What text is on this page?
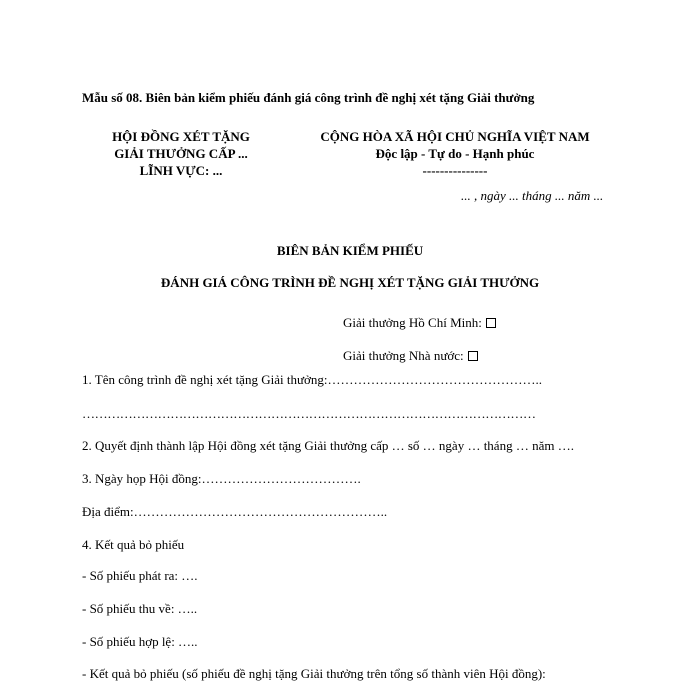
Mẫu số 08. Biên bản kiểm phiếu đánh giá công trình đề nghị xét tặng Giải thưởng
HỘI ĐỒNG XÉT TẶNG
GIẢI THƯỞNG CẤP ...
LĨNH VỰC: ...
CỘNG HÒA XÃ HỘI CHỦ NGHĨA VIỆT NAM
Độc lập - Tự do - Hạnh phúc
---------------
... , ngày ... tháng ... năm ...
BIÊN BẢN KIỂM PHIẾU
ĐÁNH GIÁ CÔNG TRÌNH ĐỀ NGHỊ XÉT TẶNG GIẢI THƯỞNG
Giải thưởng Hồ Chí Minh:
Giải thưởng Nhà nước:
1. Tên công trình đề nghị xét tặng Giải thưởng:…………………………………………..
………………………………………………………………………………………………
2. Quyết định thành lập Hội đồng xét tặng Giải thưởng cấp … số … ngày … tháng … năm ….
3. Ngày họp Hội đồng:……………………………….
Địa điểm:…………………………………………………..
4. Kết quả bỏ phiếu
- Số phiếu phát ra: ….
- Số phiếu thu về: …..
- Số phiếu hợp lệ: …..
- Kết quả bỏ phiếu (số phiếu đề nghị tặng Giải thưởng trên tổng số thành viên Hội đồng):
